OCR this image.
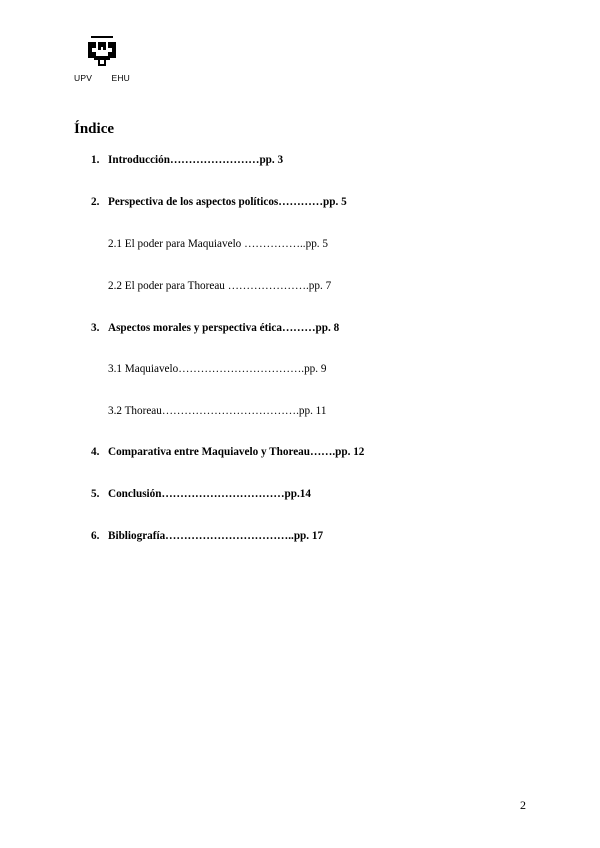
UPV EHU
Índice
1. Introducción……………………pp. 3
2. Perspectiva de los aspectos políticos…………pp. 5
2.1 El poder para Maquiavelo ……………..pp. 5
2.2 El poder para Thoreau ………………….pp. 7
3. Aspectos morales y perspectiva ética………pp. 8
3.1 Maquiavelo…………………………….pp. 9
3.2 Thoreau……………………………….pp. 11
4. Comparativa entre Maquiavelo y Thoreau…….pp. 12
5. Conclusión……………………………pp.14
6. Bibliografía……………………………..pp. 17
2
